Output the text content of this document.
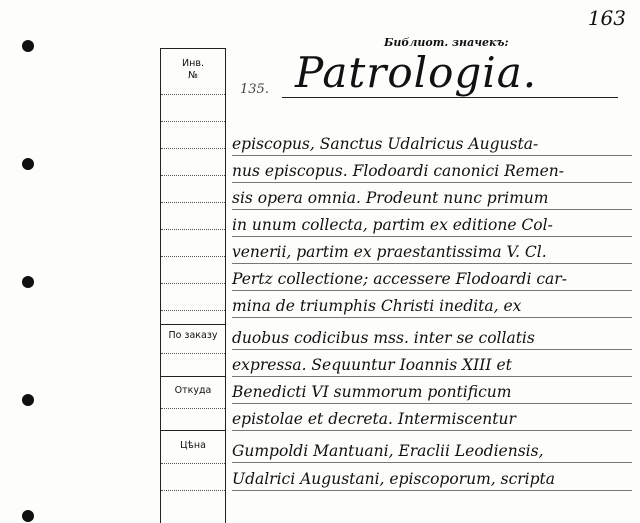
Инв.
№
По заказу
Откуда
Цѣна
163
Библиот. значекъ:
135. Patrologia.
episcopus, Sanctus Udalricus Augusta-
nus episcopus. Flodoardi canonici Remen-
sis opera omnia. Prodeunt nunc primum
in unum collecta, partim ex editione Col-
venerii, partim ex praestantissima V. Cl.
Pertz collectione; accessere Flodoardi car-
mina de triumphis Christi inedita, ex
duobus codicibus mss. inter se collatis
expressa. Sequuntur Ioannis XIII et
Benedicti VI summorum pontificum
epistolae et decreta. Intermiscentur
Gumpoldi Mantuani, Eraclii Leodiensis,
Udalrici Augustani, episcoporum, scripta
